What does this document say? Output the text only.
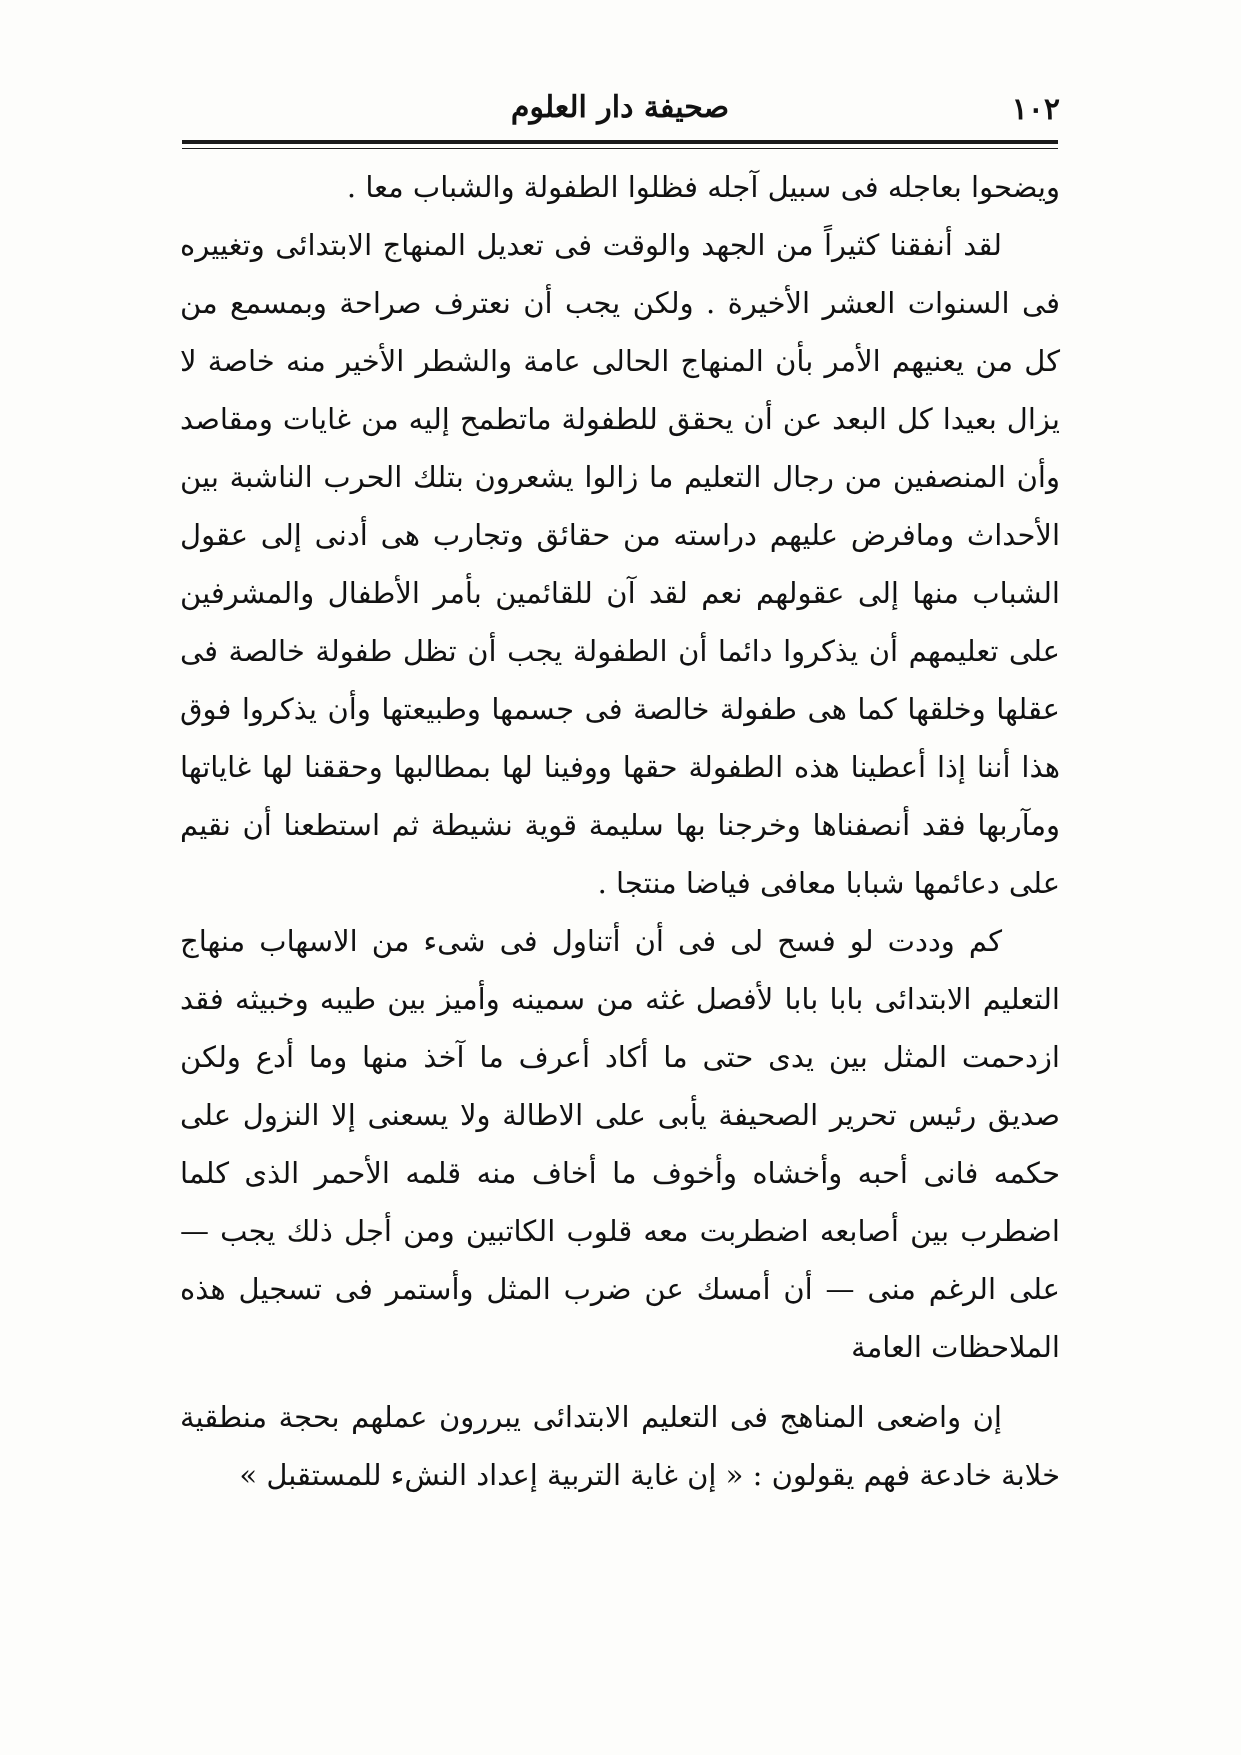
١٠٢
صحيفة دار العلوم

ويضحوا بعاجله فى سبيل آجله فظلوا الطفولة والشباب معا .

لقد أنفقنا كثيراً من الجهد والوقت فى تعديل المنهاج الابتدائى وتغييره فى السنوات العشر الأخيرة . ولكن يجب أن نعترف صراحة وبمسمع من كل من يعنيهم الأمر بأن المنهاج الحالى عامة والشطر الأخير منه خاصة لا يزال بعيدا كل البعد عن أن يحقق للطفولة ماتطمح إليه من غايات ومقاصد وأن المنصفين من رجال التعليم ما زالوا يشعرون بتلك الحرب الناشبة بين الأحداث ومافرض عليهم دراسته من حقائق وتجارب هى أدنى إلى عقول الشباب منها إلى عقولهم نعم لقد آن للقائمين بأمر الأطفال والمشرفين على تعليمهم أن يذكروا دائما أن الطفولة يجب أن تظل طفولة خالصة فى عقلها وخلقها كما هى طفولة خالصة فى جسمها وطبيعتها وأن يذكروا فوق هذا أننا إذا أعطينا هذه الطفولة حقها ووفينا لها بمطالبها وحققنا لها غاياتها ومآربها فقد أنصفناها وخرجنا بها سليمة قوية نشيطة ثم استطعنا أن نقيم على دعائمها شبابا معافى فياضا منتجا .

كم وددت لو فسح لى فى أن أتناول فى شىء من الاسهاب منهاج التعليم الابتدائى بابا بابا لأفصل غثه من سمينه وأميز بين طيبه وخبيثه فقد ازدحمت المثل بين يدى حتى ما أكاد أعرف ما آخذ منها وما أدع ولكن صديق رئيس تحرير الصحيفة يأبى على الاطالة ولا يسعنى إلا النزول على حكمه فانى أحبه وأخشاه وأخوف ما أخاف منه قلمه الأحمر الذى كلما اضطرب بين أصابعه اضطربت معه قلوب الكاتبين ومن أجل ذلك يجب — على الرغم منى — أن أمسك عن ضرب المثل وأستمر فى تسجيل هذه الملاحظات العامة

إن واضعى المناهج فى التعليم الابتدائى يبررون عملهم بحجة منطقية خلابة خادعة فهم يقولون : « إن غاية التربية إعداد النشء للمستقبل »
